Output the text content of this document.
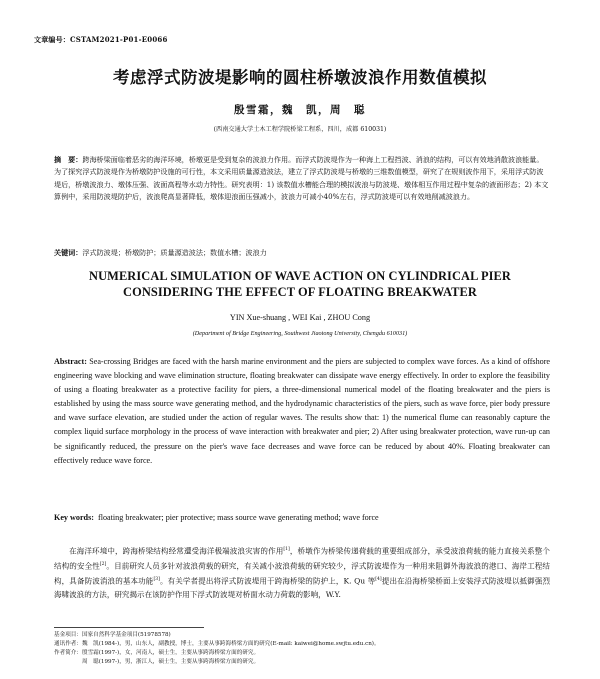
文章编号：CSTAM2021-P01-E0066
考虑浮式防波堤影响的圆柱桥墩波浪作用数值模拟
殷雪霜，魏　凯，周　聪
(西南交通大学土木工程学院桥梁工程系，四川，成都 610031)
摘　要：跨海桥梁面临着恶劣的海洋环境，桥墩更是受到复杂的波浪力作用。而浮式防波堤作为一种海上工程挡波、消浪的结构，可以有效地消散波浪能量。为了探究浮式防波堤作为桥墩防护设施的可行性，本文采用质量源造波法，建立了浮式防波堤与桥墩的三维数值模型，研究了在规则波作用下，采用浮式防波堤后，桥墩波浪力、墩体压强、波面高程等水动力特性。研究表明：1) 该数值水槽能合理的模拟波浪与防波堤、墩体相互作用过程中复杂的液面形态；2) 本文算例中，采用防波堤防护后，波浪爬高显著降低，墩体迎浪面压强减小，波浪力可减小40%左右，浮式防波堤可以有效地削减波浪力。
关键词：浮式防波堤；桥墩防护；质量源造波法；数值水槽；波浪力
NUMERICAL SIMULATION OF WAVE ACTION ON CYLINDRICAL PIER
CONSIDERING THE EFFECT OF FLOATING BREAKWATER
YIN Xue-shuang , WEI Kai , ZHOU Cong
(Department of Bridge Engineering, Southwest Jiaotong University, Chengdu 610031)
Abstract: Sea-crossing Bridges are faced with the harsh marine environment and the piers are subjected to complex wave forces. As a kind of offshore engineering wave blocking and wave elimination structure, floating breakwater can dissipate wave energy effectively. In order to explore the feasibility of using a floating breakwater as a protective facility for piers, a three-dimensional numerical model of the floating breakwater and the piers is established by using the mass source wave generating method, and the hydrodynamic characteristics of the piers, such as wave force, pier body pressure and wave surface elevation, are studied under the action of regular waves. The results show that: 1) the numerical flume can reasonably capture the complex liquid surface morphology in the process of wave interaction with breakwater and pier; 2) After using breakwater protection, wave run-up can be significantly reduced, the pressure on the pier's wave face decreases and wave force can be reduced by about 40%. Floating breakwater can effectively reduce wave force.
Key words: floating breakwater; pier protective; mass source wave generating method; wave force
在海洋环境中，跨海桥梁结构经常遭受海洋极端波浪灾害的作用[1]，桥墩作为桥梁传递荷载的重要组成部分，承受波浪荷载的能力直接关系整个结构的安全性[2]。目前研究人员多针对波浪荷载的研究，有关减小波浪荷载的研究较少，浮式防波堤作为一种用来阻御外海波浪的港口、海岸工程结构，具备防波消浪的基本功能[3]。有关学者提出将浮式防波堤用于跨海桥梁的防护上，K. Qu 等[4]提出在沿海桥梁桥面上安装浮式防波堤以抵御强烈海啸波浪的方法，研究揭示在该防护作用下浮式防波堤对桥面水动力荷载的影响，W.Y.
基金项目：国家自然科学基金项目(51978578)
通讯作者：魏　凯(1984-)，男，山东人，副教授，博士，主要从事跨海桥梁方面的研究(E-mail: kaiwei@home.swjtu.edu.cn)。
作者简介：殷雪霜(1997-)，女，河南人，硕士生，主要从事跨海桥梁方面的研究。
　　　　　周　聪(1997-)，男，浙江人，硕士生，主要从事跨海桥梁方面的研究。
